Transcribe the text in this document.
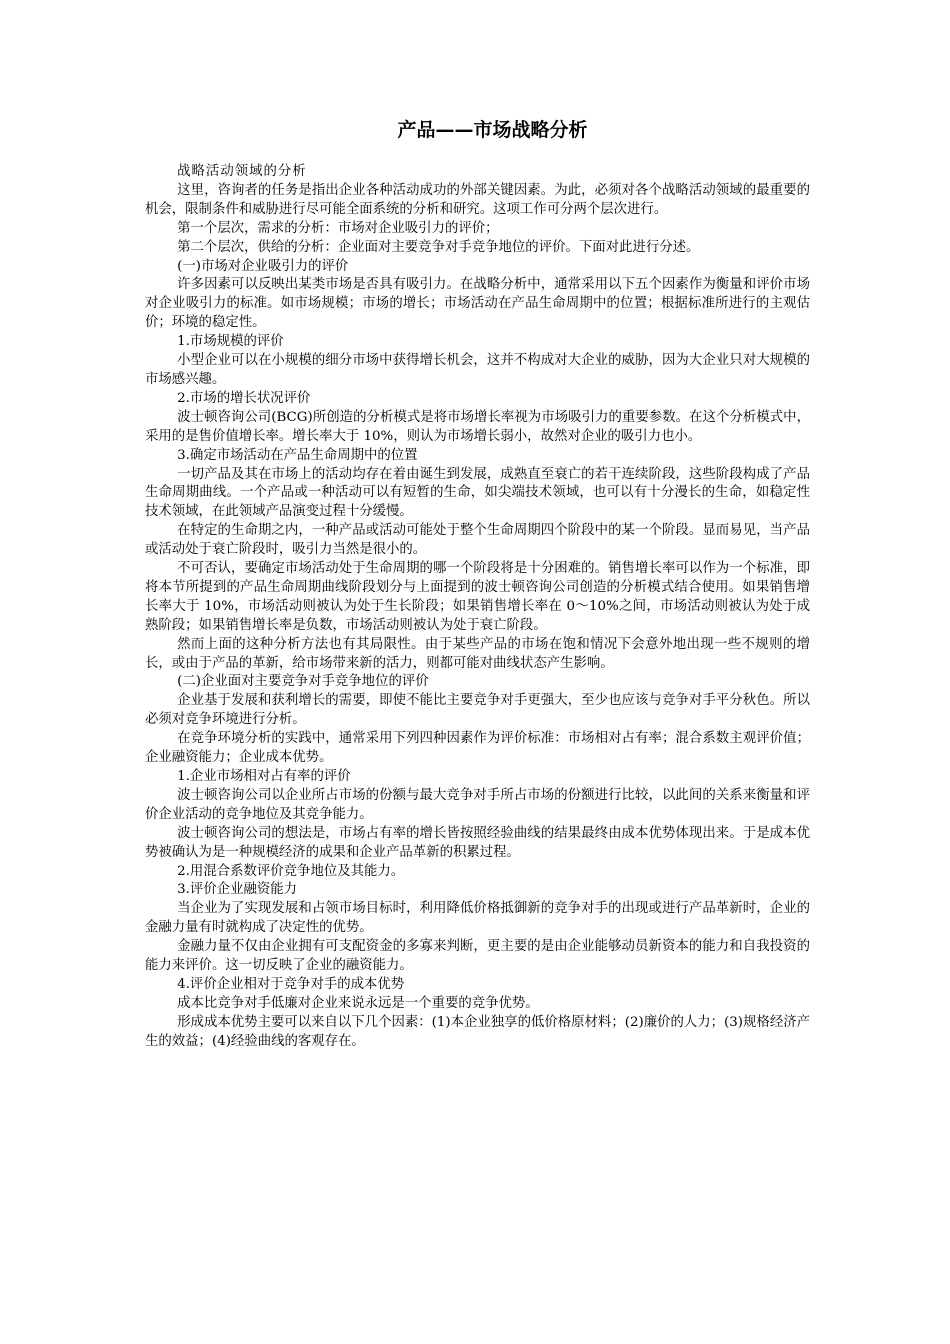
产品——市场战略分析

战略活动领域的分析

这里，咨询者的任务是指出企业各种活动成功的外部关键因素。为此，必须对各个战略活动领域的最重要的机会，限制条件和威胁进行尽可能全面系统的分析和研究。这项工作可分两个层次进行。

第一个层次，需求的分析：市场对企业吸引力的评价；

第二个层次，供给的分析：企业面对主要竞争对手竞争地位的评价。下面对此进行分述。

(一)市场对企业吸引力的评价

许多因素可以反映出某类市场是否具有吸引力。在战略分析中，通常采用以下五个因素作为衡量和评价市场对企业吸引力的标准。如市场规模；市场的增长；市场活动在产品生命周期中的位置；根据标准所进行的主观估价；环境的稳定性。

1.市场规模的评价

小型企业可以在小规模的细分市场中获得增长机会，这并不构成对大企业的威胁，因为大企业只对大规模的市场感兴趣。

2.市场的增长状况评价

波士顿咨询公司(BCG)所创造的分析模式是将市场增长率视为市场吸引力的重要参数。在这个分析模式中，采用的是售价值增长率。增长率大于 10%，则认为市场增长弱小，故然对企业的吸引力也小。

3.确定市场活动在产品生命周期中的位置

一切产品及其在市场上的活动均存在着由诞生到发展，成熟直至衰亡的若干连续阶段，这些阶段构成了产品生命周期曲线。一个产品或一种活动可以有短暂的生命，如尖端技术领域，也可以有十分漫长的生命，如稳定性技术领域，在此领域产品演变过程十分缓慢。

在特定的生命期之内，一种产品或活动可能处于整个生命周期四个阶段中的某一个阶段。显而易见，当产品或活动处于衰亡阶段时，吸引力当然是很小的。

不可否认，要确定市场活动处于生命周期的哪一个阶段将是十分困难的。销售增长率可以作为一个标准，即将本节所提到的产品生命周期曲线阶段划分与上面提到的波士顿咨询公司创造的分析模式结合使用。如果销售增长率大于 10%，市场活动则被认为处于生长阶段；如果销售增长率在 0～10%之间，市场活动则被认为处于成熟阶段；如果销售增长率是负数，市场活动则被认为处于衰亡阶段。

然而上面的这种分析方法也有其局限性。由于某些产品的市场在饱和情况下会意外地出现一些不规则的增长，或由于产品的革新，给市场带来新的活力，则都可能对曲线状态产生影响。

(二)企业面对主要竞争对手竞争地位的评价

企业基于发展和获利增长的需要，即使不能比主要竞争对手更强大，至少也应该与竞争对手平分秋色。所以必须对竞争环境进行分析。

在竞争环境分析的实践中，通常采用下列四种因素作为评价标准：市场相对占有率；混合系数主观评价值；企业融资能力；企业成本优势。

1.企业市场相对占有率的评价

波士顿咨询公司以企业所占市场的份额与最大竞争对手所占市场的份额进行比较，以此间的关系来衡量和评价企业活动的竞争地位及其竞争能力。

波士顿咨询公司的想法是，市场占有率的增长皆按照经验曲线的结果最终由成本优势体现出来。于是成本优势被确认为是一种规模经济的成果和企业产品革新的积累过程。

2.用混合系数评价竞争地位及其能力。

3.评价企业融资能力

当企业为了实现发展和占领市场目标时，利用降低价格抵御新的竞争对手的出现或进行产品革新时，企业的金融力量有时就构成了决定性的优势。

金融力量不仅由企业拥有可支配资金的多寡来判断，更主要的是由企业能够动员新资本的能力和自我投资的能力来评价。这一切反映了企业的融资能力。

4.评价企业相对于竞争对手的成本优势

成本比竞争对手低廉对企业来说永远是一个重要的竞争优势。

形成成本优势主要可以来自以下几个因素：(1)本企业独享的低价格原材料；(2)廉价的人力；(3)规格经济产生的效益；(4)经验曲线的客观存在。
